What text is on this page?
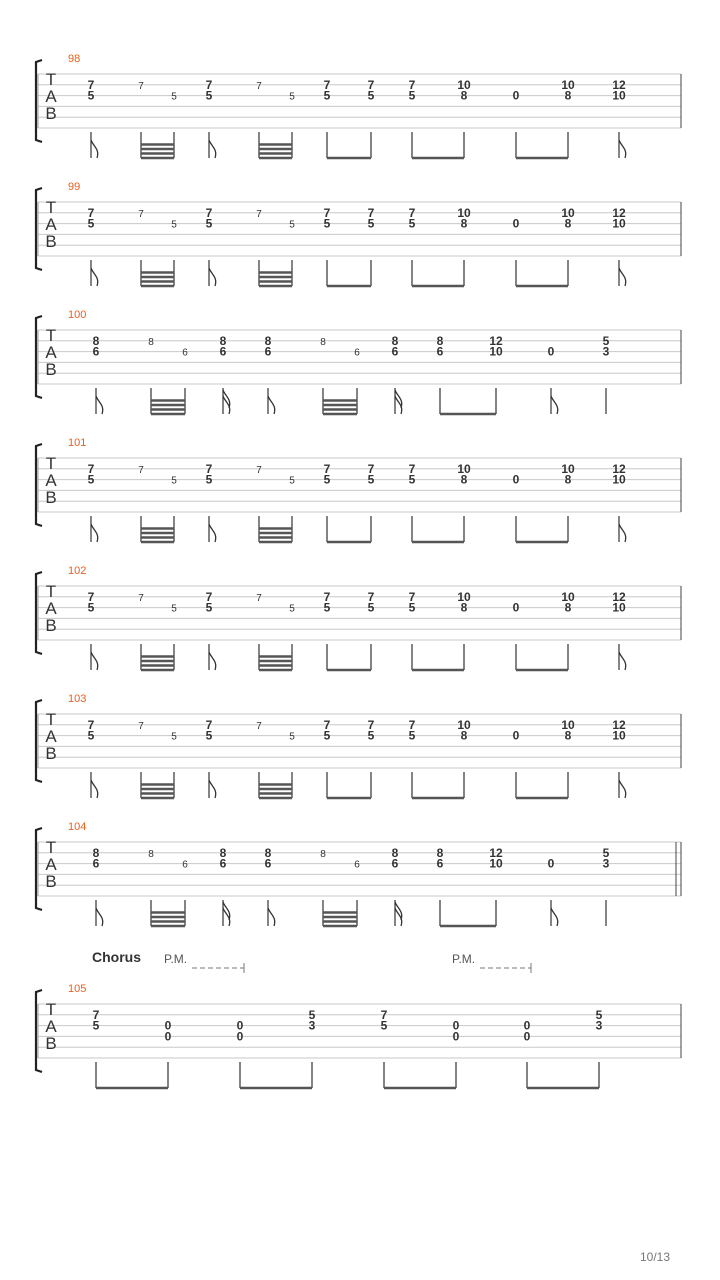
98
T
A
B
7
5
7
5
7
5
7
5
7
5
7
5
7
5
10
8	0
10
8
12
10
99
T
A
B
7
5
7
5
7
5
7
5
7
5
7
5
7
5
10
8	0
10
8
12
10
100
T
A
B
8
6
8
6
8
6
8
6
8
6
8
6
8
6
12
10	0
5
3
101
T
A
B
7
5
7
5
7
5
7
5
7
5
7
5
7
5
10
8	0
10
8
12
10
102
T
A
B
7
5
7
5
7
5
7
5
7
5
7
5
7
5
10
8	0
10
8
12
10
103
T
A
B
7
5
7
5
7
5
7
5
7
5
7
5
7
5
10
8	0
10
8
12
10
104
T
A
B
8
6
8
6
8
6
8
6
8
6
8
6
8
6
12
10	0
5
3
Chorus P.M.	P.M.
105
T
A
B
7
5	0
0
0
0
5
3
7
5	0
0
0
0
5
3
10/13
